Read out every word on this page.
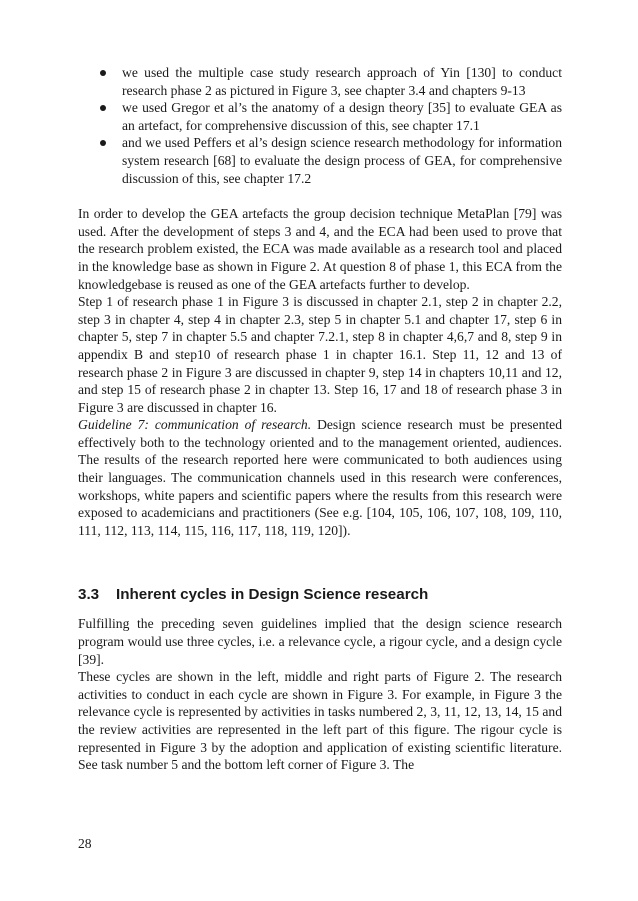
we used the multiple case study research approach of Yin [130] to conduct research phase 2 as pictured in Figure 3, see chapter 3.4 and chapters 9-13
we used Gregor et al’s the anatomy of a design theory [35] to evaluate GEA as an artefact, for comprehensive discussion of this, see chapter 17.1
and we used Peffers et al’s design science research methodology for information system research [68] to evaluate the design process of GEA, for comprehensive discussion of this, see chapter 17.2

In order to develop the GEA artefacts the group decision technique MetaPlan [79] was used. After the development of steps 3 and 4, and the ECA had been used to prove that the research problem existed, the ECA was made available as a research tool and placed in the knowledge base as shown in Figure 2. At question 8 of phase 1, this ECA from the knowledgebase is reused as one of the GEA artefacts further to develop.

Step 1 of research phase 1 in Figure 3 is discussed in chapter 2.1, step 2 in chapter 2.2, step 3 in chapter 4, step 4 in chapter 2.3, step 5 in chapter 5.1 and chapter 17, step 6 in chapter 5, step 7 in chapter 5.5 and chapter 7.2.1, step 8 in chapter 4,6,7 and 8, step 9 in appendix B and step10 of research phase 1 in chapter 16.1. Step 11, 12 and 13 of research phase 2 in Figure 3 are discussed in chapter 9, step 14 in chapters 10,11 and 12, and step 15 of research phase 2 in chapter 13. Step 16, 17 and 18 of research phase 3 in Figure 3 are discussed in chapter 16.

Guideline 7: communication of research. Design science research must be presented effectively both to the technology oriented and to the management oriented, audiences. The results of the research reported here were communicated to both audiences using their languages. The communication channels used in this research were conferences, workshops, white papers and scientific papers where the results from this research were exposed to academicians and practitioners (See e.g. [104, 105, 106, 107, 108, 109, 110, 111, 112, 113, 114, 115, 116, 117, 118, 119, 120]).

3.3 Inherent cycles in Design Science research

Fulfilling the preceding seven guidelines implied that the design science research program would use three cycles, i.e. a relevance cycle, a rigour cycle, and a design cycle [39].

These cycles are shown in the left, middle and right parts of Figure 2. The research activities to conduct in each cycle are shown in Figure 3. For example, in Figure 3 the relevance cycle is represented by activities in tasks numbered 2, 3, 11, 12, 13, 14, 15 and the review activities are represented in the left part of this figure. The rigour cycle is represented in Figure 3 by the adoption and application of existing scientific literature. See task number 5 and the bottom left corner of Figure 3. The

28
